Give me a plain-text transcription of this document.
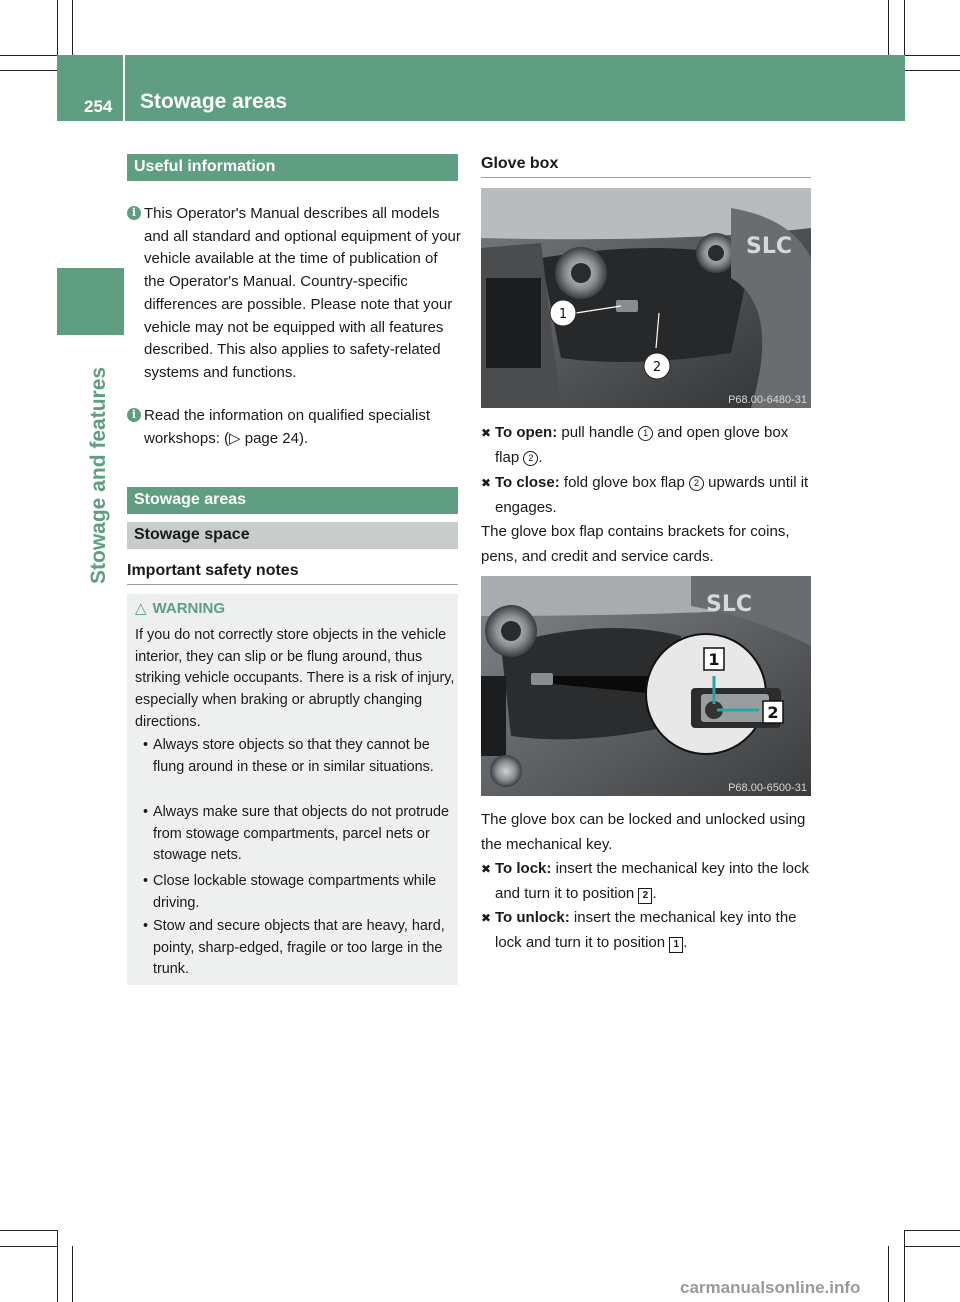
254 Stowage areas
Stowage and features
Useful information
i This Operator's Manual describes all models and all standard and optional equipment of your vehicle available at the time of publication of the Operator's Manual. Country-specific differences are possible. Please note that your vehicle may not be equipped with all features described. This also applies to safety-related systems and functions.
i Read the information on qualified specialist workshops: (▷ page 24).
Stowage areas
Stowage space
Important safety notes
△ WARNING
If you do not correctly store objects in the vehicle interior, they can slip or be flung around, thus striking vehicle occupants. There is a risk of injury, especially when braking or abruptly changing directions.
• Always store objects so that they cannot be flung around in these or in similar situations.
• Always make sure that objects do not protrude from stowage compartments, parcel nets or stowage nets.
• Close lockable stowage compartments while driving.
• Stow and secure objects that are heavy, hard, pointy, sharp-edged, fragile or too large in the trunk.
Glove box
SLC
1
2
P68.00-6480-31
✖ To open: pull handle 1 and open glove box flap 2 .
✖ To close: fold glove box flap 2 upwards until it engages.
The glove box flap contains brackets for coins, pens, and credit and service cards.
SLC
1
2
P68.00-6500-31
The glove box can be locked and unlocked using the mechanical key.
✖ To lock: insert the mechanical key into the lock and turn it to position 2 .
✖ To unlock: insert the mechanical key into the lock and turn it to position 1 .
carmanualsonline.info
